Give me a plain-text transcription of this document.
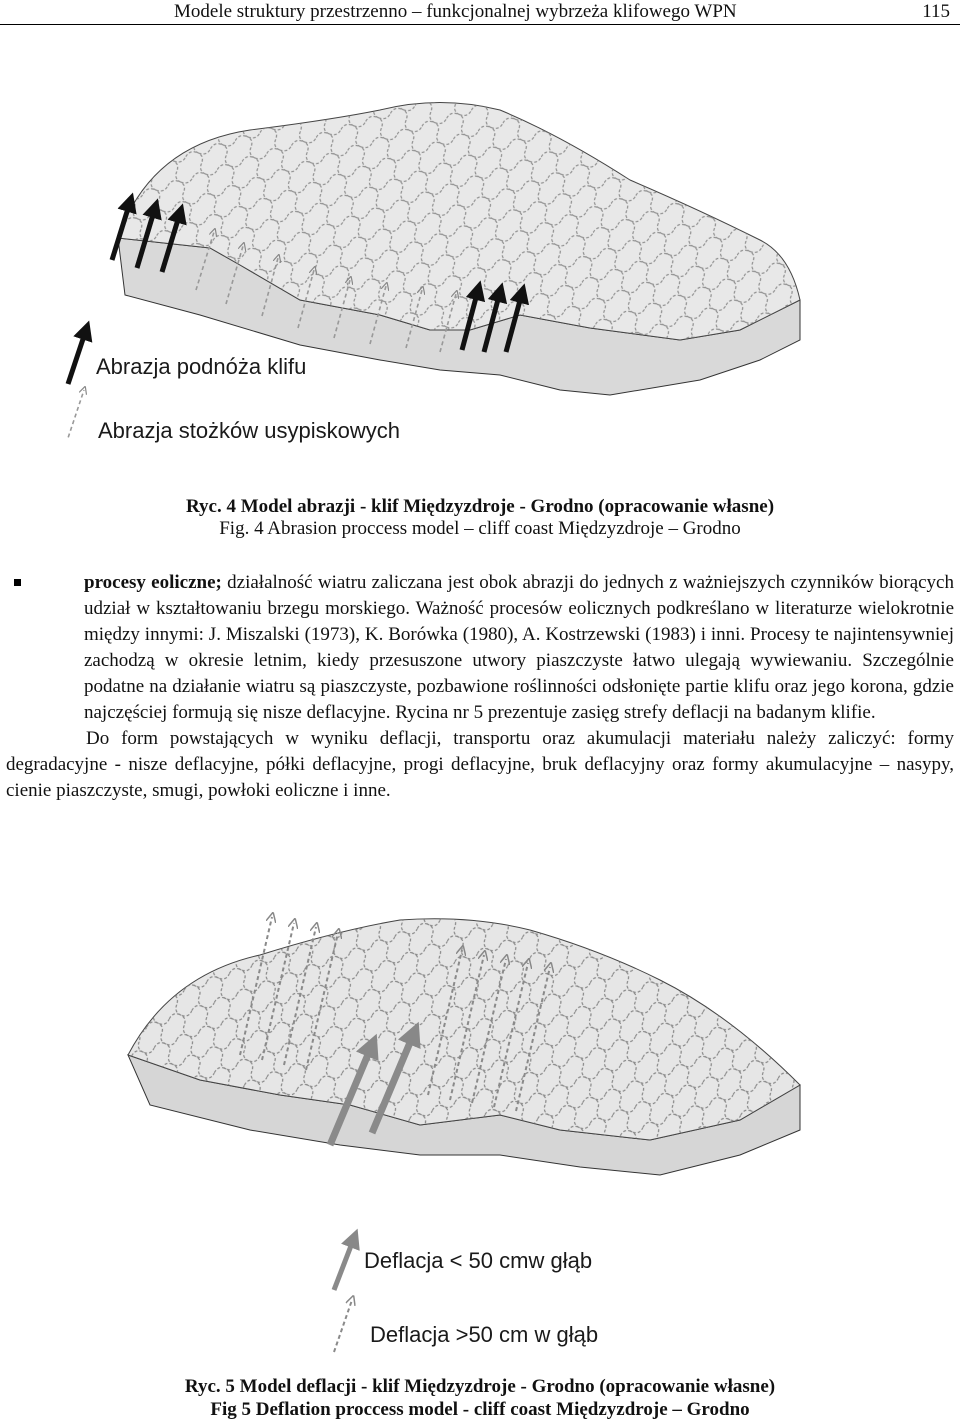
Modele struktury przestrzenno – funkcjonalnej wybrzeża klifowego WPN	115
Abrazja podnóża klifu
Abrazja stożków usypiskowych
Ryc. 4 Model abrazji - klif Międzyzdroje - Grodno (opracowanie własne)
Fig. 4 Abrasion proccess model – cliff coast Międzyzdroje – Grodno

procesy eoliczne; działalność wiatru zaliczana jest obok abrazji do jednych z ważniejszych czynników biorących udział w kształtowaniu brzegu morskiego. Ważność procesów eolicznych podkreślano w literaturze wielokrotnie między innymi: J. Miszalski (1973), K. Borówka (1980), A. Kostrzewski (1983) i inni. Procesy te najintensywniej zachodzą w okresie letnim, kiedy przesuszone utwory piaszczyste łatwo ulegają wywiewaniu. Szczególnie podatne na działanie wiatru są piaszczyste, pozbawione roślinności odsłonięte partie klifu oraz jego korona, gdzie najczęściej formują się nisze deflacyjne. Rycina nr 5 prezentuje zasięg strefy deflacji na badanym klifie.

Do form powstających w wyniku deflacji, transportu oraz akumulacji materiału należy zaliczyć: formy degradacyjne - nisze deflacyjne, półki deflacyjne, progi deflacyjne, bruk deflacyjny oraz formy akumulacyjne – nasypy, cienie piaszczyste, smugi, powłoki eoliczne i inne.

Deflacja < 50 cmw głąb
Deflacja >50 cm w głąb
Ryc. 5 Model deflacji - klif Międzyzdroje - Grodno (opracowanie własne)
Fig 5 Deflation proccess model - cliff coast Międzyzdroje – Grodno
